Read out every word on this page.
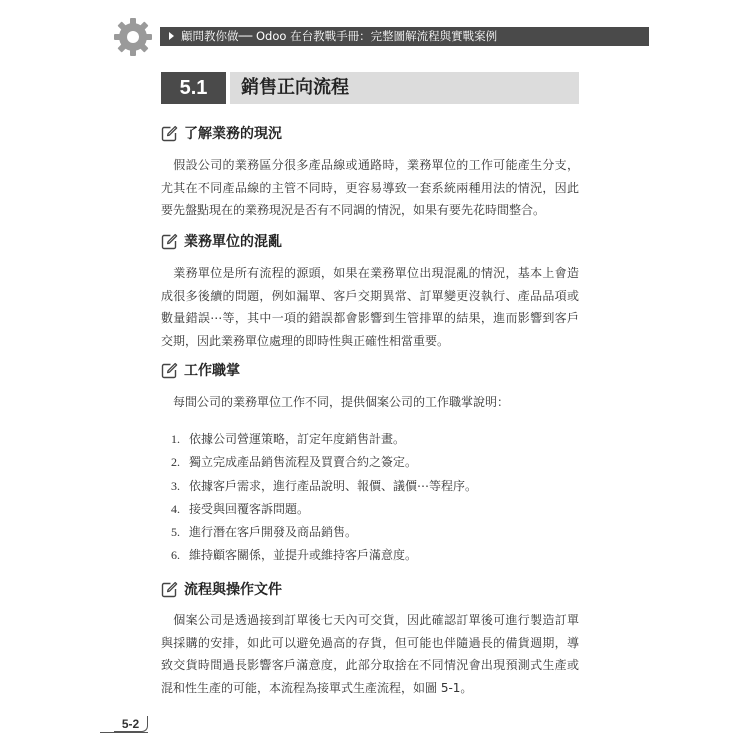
顧問教你做── Odoo 在台教戰手冊：完整圖解流程與實戰案例
5.1	銷售正向流程
了解業務的現況

假設公司的業務區分很多產品線或通路時，業務單位的工作可能產生分支，尤其在不同產品線的主管不同時，更容易導致一套系統兩種用法的情況，因此要先盤點現在的業務現況是否有不同調的情況，如果有要先花時間整合。

業務單位的混亂

業務單位是所有流程的源頭，如果在業務單位出現混亂的情況，基本上會造成很多後續的問題，例如漏單、客戶交期異常、訂單變更沒執行、產品品項或數量錯誤⋯等，其中一項的錯誤都會影響到生管排單的結果，進而影響到客戶交期，因此業務單位處理的即時性與正確性相當重要。

工作職掌

每間公司的業務單位工作不同，提供個案公司的工作職掌說明：

1. 依據公司營運策略，訂定年度銷售計畫。
2. 獨立完成產品銷售流程及買賣合約之簽定。
3. 依據客戶需求，進行產品說明、報價、議價⋯等程序。
4. 接受與回覆客訴問題。
5. 進行潛在客戶開發及商品銷售。
6. 維持顧客關係，並提升或維持客戶滿意度。
流程與操作文件

個案公司是透過接到訂單後七天內可交貨，因此確認訂單後可進行製造訂單與採購的安排，如此可以避免過高的存貨，但可能也伴隨過長的備貨週期，導致交貨時間過長影響客戶滿意度，此部分取捨在不同情況會出現預測式生產或混和性生產的可能，本流程為接單式生產流程，如圖 5-1。

5-2
